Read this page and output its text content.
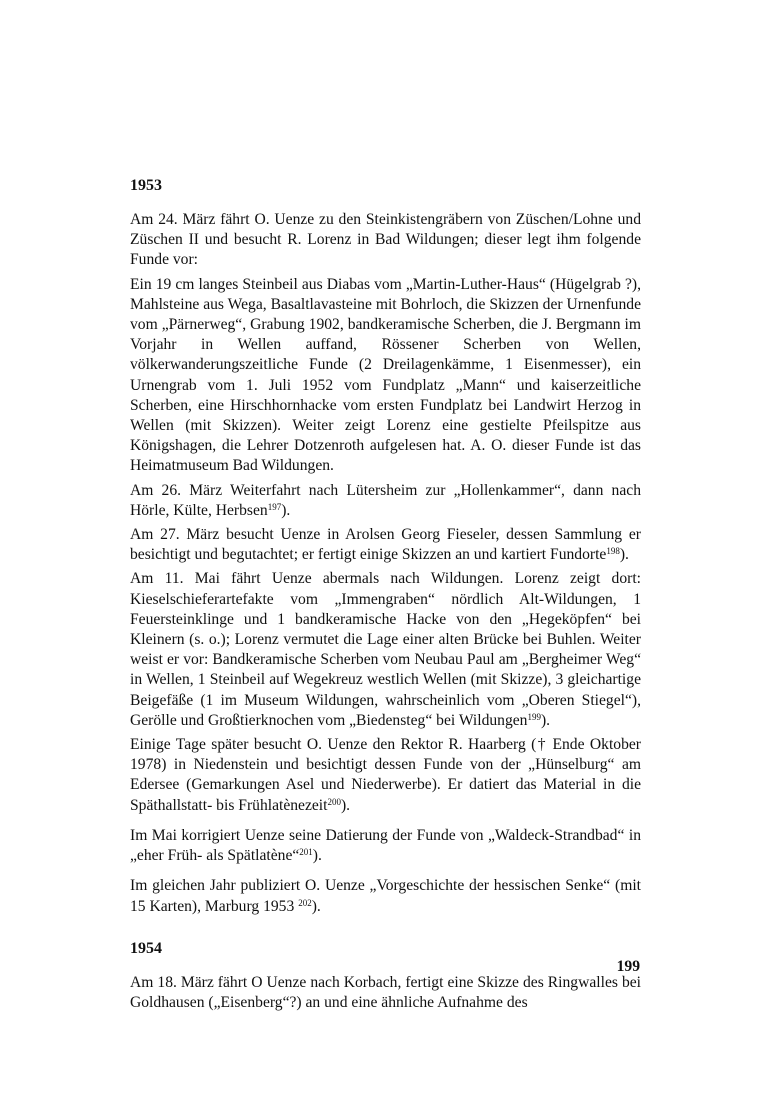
1953
Am 24. März fährt O. Uenze zu den Steinkistengräbern von Züschen/Lohne und Züschen II und besucht R. Lorenz in Bad Wildungen; dieser legt ihm folgende Funde vor:
Ein 19 cm langes Steinbeil aus Diabas vom „Martin-Luther-Haus“ (Hügelgrab ?), Mahlsteine aus Wega, Basaltlavasteine mit Bohrloch, die Skizzen der Urnenfunde vom „Pärnerweg“, Grabung 1902, bandkeramische Scherben, die J. Bergmann im Vorjahr in Wellen auffand, Rössener Scherben von Wellen, völkerwanderungszeitliche Funde (2 Dreilagenkämme, 1 Eisenmesser), ein Urnengrab vom 1. Juli 1952 vom Fundplatz „Mann“ und kaiserzeitliche Scherben, eine Hirschhornhacke vom ersten Fundplatz bei Landwirt Herzog in Wellen (mit Skizzen). Weiter zeigt Lorenz eine gestielte Pfeilspitze aus Königshagen, die Lehrer Dotzenroth aufgelesen hat. A. O. dieser Funde ist das Heimatmuseum Bad Wildungen.
Am 26. März Weiterfahrt nach Lütersheim zur „Hollenkammer“, dann nach Hörle, Külte, Herbsen$^{197}$).
Am 27. März besucht Uenze in Arolsen Georg Fieseler, dessen Sammlung er besichtigt und begutachtet; er fertigt einige Skizzen an und kartiert Fundorte$^{198}$).
Am 11. Mai fährt Uenze abermals nach Wildungen. Lorenz zeigt dort: Kieselschieferartefakte vom „Immengraben“ nördlich Alt-Wildungen, 1 Feuersteinklinge und 1 bandkeramische Hacke von den „Hegeköpfen“ bei Kleinern (s. o.); Lorenz vermutet die Lage einer alten Brücke bei Buhlen. Weiter weist er vor: Bandkeramische Scherben vom Neubau Paul am „Bergheimer Weg“ in Wellen, 1 Steinbeil auf Wegekreuz westlich Wellen (mit Skizze), 3 gleichartige Beigefäße (1 im Museum Wildungen, wahrscheinlich vom „Oberen Stiegel“), Gerölle und Großtierknochen vom „Biedensteg“ bei Wildungen$^{199}$).
Einige Tage später besucht O. Uenze den Rektor R. Haarberg († Ende Oktober 1978) in Niedenstein und besichtigt dessen Funde von der „Hünselburg“ am Edersee (Gemarkungen Asel und Niederwerbe). Er datiert das Material in die Späthallstatt- bis Frühlatènezeit$^{200}$).
Im Mai korrigiert Uenze seine Datierung der Funde von „Waldeck-Strandbad“ in „eher Früh- als Spätlatène“$^{201}$).
Im gleichen Jahr publiziert O. Uenze „Vorgeschichte der hessischen Senke“ (mit 15 Karten), Marburg 1953 $^{202}$).
1954
Am 18. März fährt O Uenze nach Korbach, fertigt eine Skizze des Ringwalles bei Goldhausen („Eisenberg“?) an und eine ähnliche Aufnahme des
199
